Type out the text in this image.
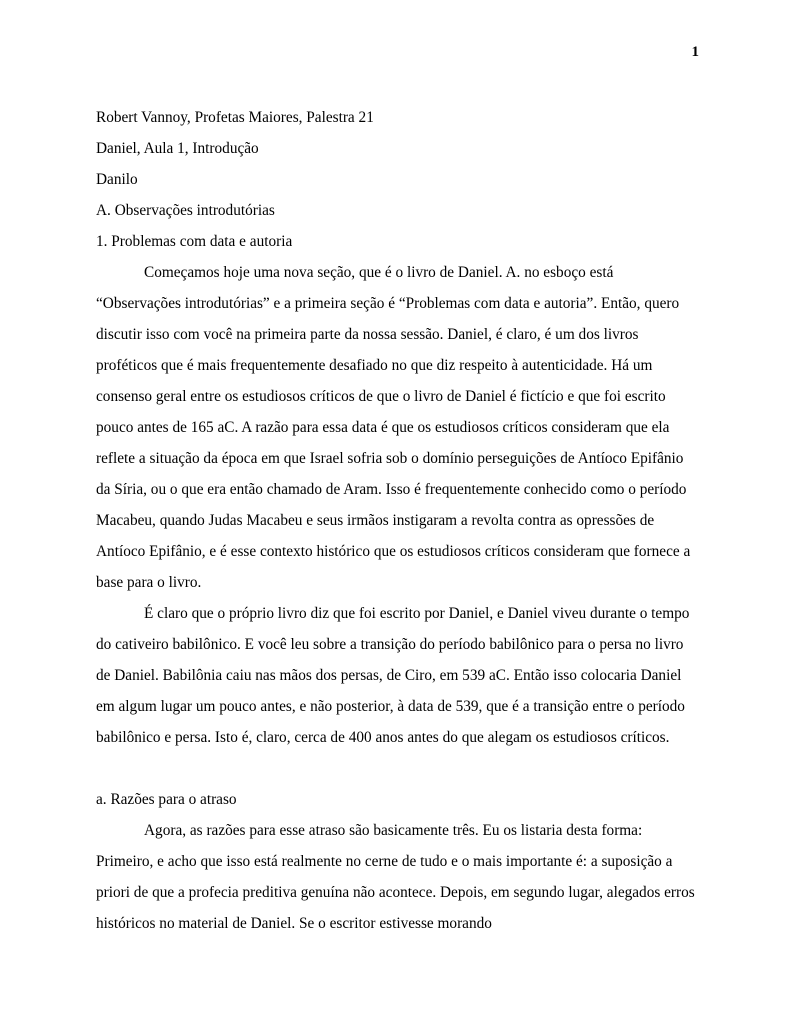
1
Robert Vannoy, Profetas Maiores, Palestra 21
Daniel, Aula 1, Introdução
Danilo
A. Observações introdutórias
1. Problemas com data e autoria

Começamos hoje uma nova seção, que é o livro de Daniel. A. no esboço está “Observações introdutórias” e a primeira seção é “Problemas com data e autoria”. Então, quero discutir isso com você na primeira parte da nossa sessão. Daniel, é claro, é um dos livros proféticos que é mais frequentemente desafiado no que diz respeito à autenticidade. Há um consenso geral entre os estudiosos críticos de que o livro de Daniel é fictício e que foi escrito pouco antes de 165 aC. A razão para essa data é que os estudiosos críticos consideram que ela reflete a situação da época em que Israel sofria sob o domínio perseguições de Antíoco Epifânio da Síria, ou o que era então chamado de Aram. Isso é frequentemente conhecido como o período Macabeu, quando Judas Macabeu e seus irmãos instigaram a revolta contra as opressões de Antíoco Epifânio, e é esse contexto histórico que os estudiosos críticos consideram que fornece a base para o livro.

É claro que o próprio livro diz que foi escrito por Daniel, e Daniel viveu durante o tempo do cativeiro babilônico. E você leu sobre a transição do período babilônico para o persa no livro de Daniel. Babilônia caiu nas mãos dos persas, de Ciro, em 539 aC. Então isso colocaria Daniel em algum lugar um pouco antes, e não posterior, à data de 539, que é a transição entre o período babilônico e persa. Isto é, claro, cerca de 400 anos antes do que alegam os estudiosos críticos.

a. Razões para o atraso

Agora, as razões para esse atraso são basicamente três. Eu os listaria desta forma: Primeiro, e acho que isso está realmente no cerne de tudo e o mais importante é: a suposição a priori de que a profecia preditiva genuína não acontece. Depois, em segundo lugar, alegados erros históricos no material de Daniel. Se o escritor estivesse morando
